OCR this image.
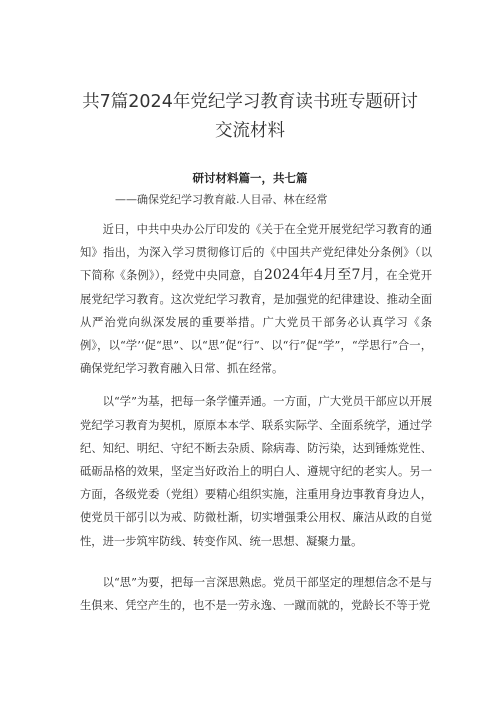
共7篇2024年党纪学习教育读书班专题研讨
交流材料
研讨材料篇一，共七篇
——确保党纪学习教育敲.人目帚、林在经常

近日，中共中央办公厅印发的《关于在全党开展党纪学习教育的通知》指出，为深入学习贯彻修订后的《中国共产党纪律处分条例》（以下简称《条例》），经党中央同意，自2024年4月至7月，在全党开展党纪学习教育。这次党纪学习教育，是加强党的纪律建设、推动全面从严治党向纵深发展的重要举措。广大党员干部务必认真学习《条例》，以“学’‘促“思”、以“思”促“行”、以“行”促“学”，“学思行”合一，确保党纪学习教育融入日常、抓在经常。

以“学”为基，把每一条学懂弄通。一方面，广大党员干部应以开展党纪学习教育为契机，原原本本学、联系实际学、全面系统学，通过学纪、知纪、明纪、守纪不断去杂质、除病毒、防污染，达到锤炼党性、砥砺品格的效果，坚定当好政治上的明白人、遵规守纪的老实人。另一方面，各级党委（党组）要精心组织实施，注重用身边事教育身边人，使党员干部引以为戒、防微杜渐，切实增强秉公用权、廉洁从政的自觉性，进一步筑牢防线、转变作风、统一思想、凝聚力量。

以“思”为要，把每一言深思熟虑。党员干部坚定的理想信念不是与生俱来、凭空产生的，也不是一劳永逸、一蹴而就的，党龄长不等于党
